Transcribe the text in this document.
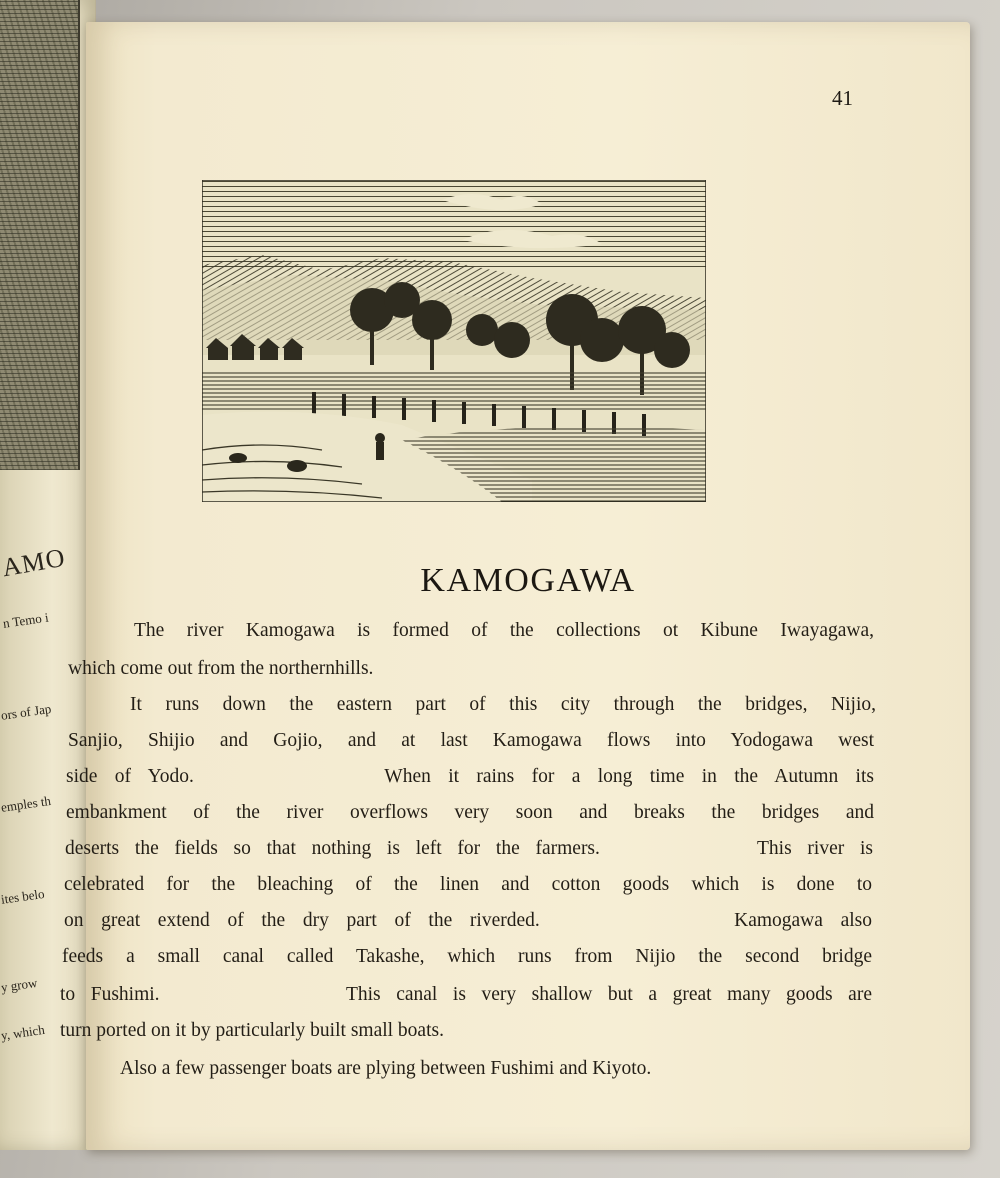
AMO
n Temo i
ors of Jap
emples th
ites belo
y grow
y, which
41
KAMOGAWA
The river Kamogawa is formed of the collections ot Kibune Iwayagawa,
which come out from the northernhills.
It runs down the eastern part of this city through the bridges, Nijio,
Sanjio, Shijio and Gojio, and at last Kamogawa flows into Yodogawa west
side of Yodo.           When it rains for a long time in the Autumn its
embankment of the river overflows very soon and breaks the bridges and
deserts the fields so that nothing is left for the farmers.          This river is
celebrated for the bleaching of the linen and cotton goods which is done to
on great extend of the dry part of the riverded.           Kamogawa also
feeds a small canal called Takashe, which runs from Nijio the second bridge
to Fushimi.            This canal is very shallow but a great many goods are
turn ported on it by particularly built small boats.
Also a few passenger boats are plying between Fushimi and Kiyoto.
